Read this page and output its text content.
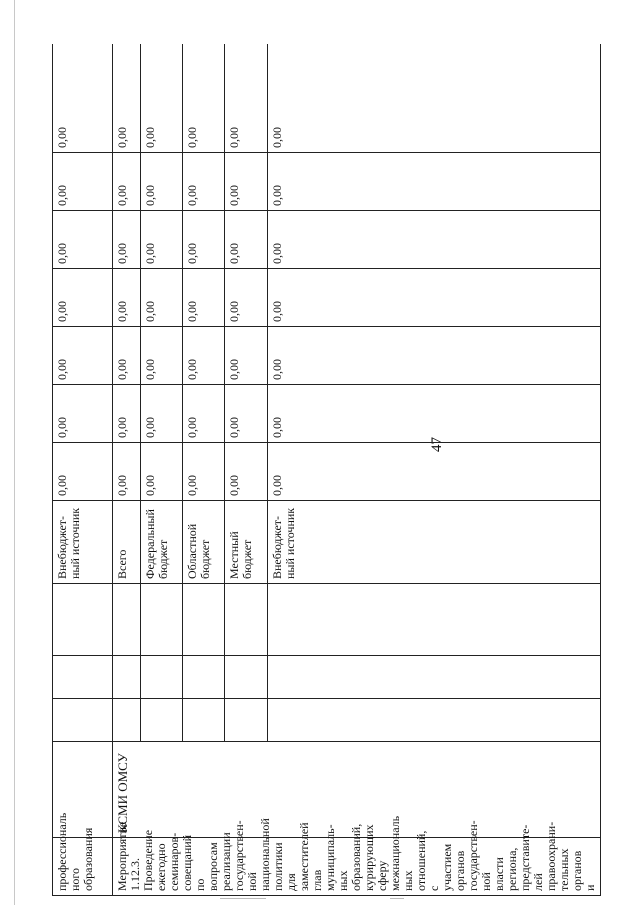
47
профессиональ ного образования					Внебюджет-ный источник	0,00	0,00	0,00	0,00	0,00	0,00	0,00
Мероприятие 1.12.3. Проведение ежегодно семинаров-совещаний по вопросам реализации государствен-ной национальной политики для заместителей глав муниципаль-ных образований, курирующих сферу межнациональ ных отношений, с участием органов государствен-ной власти региона, представите-лей правоохрани-тельных органов и	КСМИ ОМСУ				Всего	0,00	0,00	0,00	0,00	0,00	0,00	0,00
					Федеральный бюджет	0,00	0,00	0,00	0,00	0,00	0,00	0,00
					Областной бюджет	0,00	0,00	0,00	0,00	0,00	0,00	0,00
					Местный бюджет	0,00	0,00	0,00	0,00	0,00	0,00	0,00
					Внебюджет-ный источник	0,00	0,00	0,00	0,00	0,00	0,00	0,00
